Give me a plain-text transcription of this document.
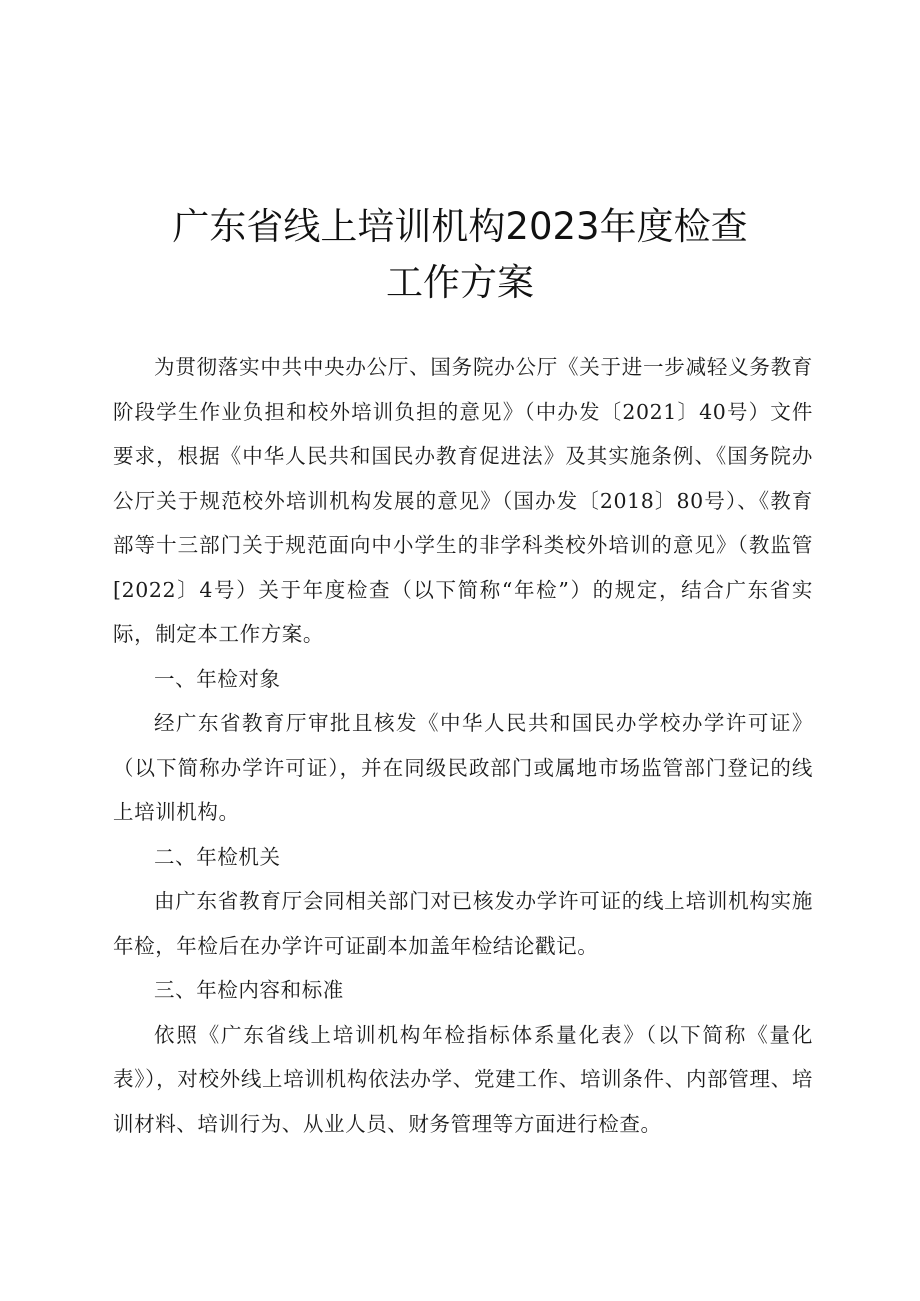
广东省线上培训机构2023年度检查
工作方案

为贯彻落实中共中央办公厅、国务院办公厅《关于进一步减轻义务教育阶段学生作业负担和校外培训负担的意见》（中办发〔2021〕40号）文件要求，根据《中华人民共和国民办教育促进法》及其实施条例、《国务院办公厅关于规范校外培训机构发展的意见》（国办发〔2018〕80号）、《教育部等十三部门关于规范面向中小学生的非学科类校外培训的意见》（教监管[2022〕4号）关于年度检查（以下简称“年检”）的规定，结合广东省实际，制定本工作方案。

一、年检对象

经广东省教育厅审批且核发《中华人民共和国民办学校办学许可证》（以下简称办学许可证），并在同级民政部门或属地市场监管部门登记的线上培训机构。

二、年检机关

由广东省教育厅会同相关部门对已核发办学许可证的线上培训机构实施年检，年检后在办学许可证副本加盖年检结论戳记。

三、年检内容和标准

依照《广东省线上培训机构年检指标体系量化表》（以下简称《量化表》），对校外线上培训机构依法办学、党建工作、培训条件、内部管理、培训材料、培训行为、从业人员、财务管理等方面进行检查。
